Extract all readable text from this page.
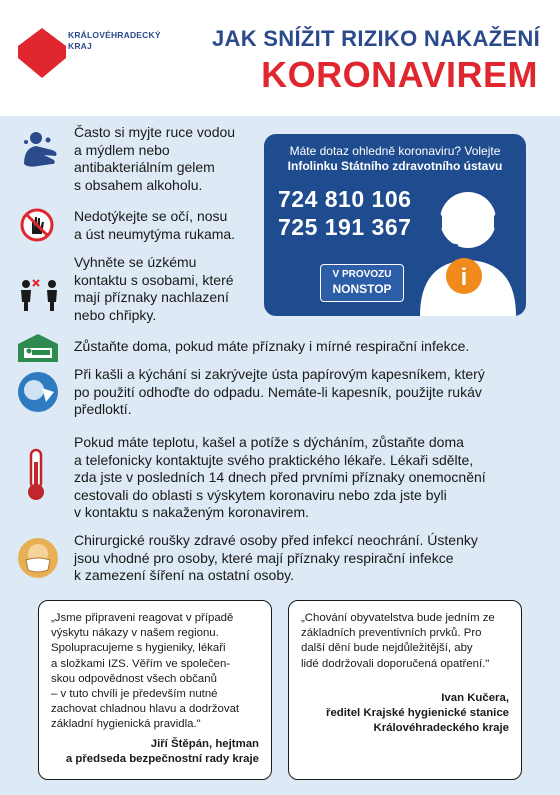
KRÁLOVÉHRADECKÝ
KRAJ	JAK SNÍŽIT RIZIKO NAKAŽENÍ
KORONAVIREM
Často si myjte ruce vodou
a mýdlem nebo
antibakteriálním gelem
s obsahem alkoholu.
Nedotýkejte se očí, nosu
a úst neumytýma rukama.
Vyhněte se úzkému
kontaktu s osobami, které
mají příznaky nachlazení
nebo chřipky.
Zůstaňte doma, pokud máte příznaky i mírné respirační infekce.
Při kašli a kýchání si zakrývejte ústa papírovým kapesníkem, který
po použití odhoďte do odpadu. Nemáte-li kapesník, použijte rukáv
předloktí.
Pokud máte teplotu, kašel a potíže s dýcháním, zůstaňte doma
a telefonicky kontaktujte svého praktického lékaře. Lékaři sdělte,
zda jste v posledních 14 dnech před prvními příznaky onemocnění
cestovali do oblasti s výskytem koronaviru nebo zda jste byli
v kontaktu s nakaženým koronavirem.
Chirurgické roušky zdravé osoby před infekcí neochrání. Ústenky
jsou vhodné pro osoby, které mají příznaky respirační infekce
k zamezení šíření na ostatní osoby.
Máte dotaz ohledně koronaviru? Volejte
Infolinku Státního zdravotního ústavu
724 810 106
725 191 367
i
V PROVOZU
NONSTOP
„Jsme připraveni reagovat v případě
výskytu nákazy v našem regionu.
Spolupracujeme s hygieniky, lékaři
a složkami IZS. Věřím ve společen-
skou odpovědnost všech občanů
– v tuto chvíli je především nutné
zachovat chladnou hlavu a dodržovat
základní hygienická pravidla."
Jiří Štěpán, hejtman
a předseda bezpečnostní rady kraje
„Chování obyvatelstva bude jedním ze
základních preventivních prvků. Pro
další dění bude nejdůležitější, aby
lidé dodržovali doporučená opatření."
Ivan Kučera,
ředitel Krajské hygienické stanice
Královéhradeckého kraje
